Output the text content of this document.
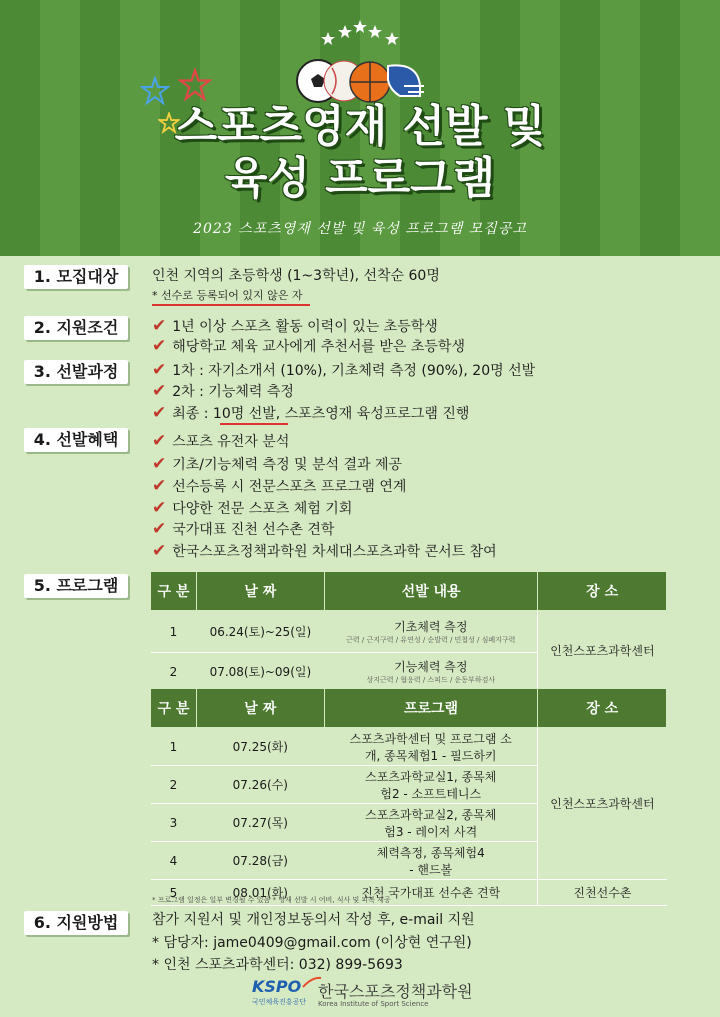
스포츠영재 선발 및
육성 프로그램
2023 스포츠영재 선발 및 육성 프로그램 모집공고
1. 모집대상	인천 지역의 초등학생 (1~3학년), 선착순 60명
* 선수로 등록되어 있지 않은 자
2. 지원조건	✔ 1년 이상 스포츠 활동 이력이 있는 초등학생
✔ 해당학교 체육 교사에게 추천서를 받은 초등학생
3. 선발과정	✔ 1차 : 자기소개서 (10%), 기초체력 측정 (90%), 20명 선발
✔ 2차 : 기능체력 측정
✔ 최종 : 10명 선발, 스포츠영재 육성프로그램 진행
4. 선발혜택	✔ 스포츠 유전자 분석
✔ 기초/기능체력 측정 및 분석 결과 제공
✔ 선수등록 시 전문스포츠 프로그램 연계
✔ 다양한 전문 스포츠 체험 기회
✔ 국가대표 진천 선수촌 견학
✔ 한국스포츠정책과학원 차세대스포츠과학 콘서트 참여
5. 프로그램	구 분	날 짜	선발 내용	장 소
1	06.24(토)~25(일)	기초체력 측정
근력 / 근지구력 / 유연성 / 순발력 / 민첩성 / 심폐지구력	인천스포츠과학센터
2	07.08(토)~09(일)	기능체력 측정
상지근력 / 협응력 / 스피드 / 운동부하검사	
구 분	날 짜	프로그램	장 소
1	07.25(화)	스포츠과학센터 및 프로그램 소개, 종목체험1 - 필드하키	인천스포츠과학센터
2	07.26(수)	스포츠과학교실1, 종목체험2 - 소프트테니스	
3	07.27(목)	스포츠과학교실2, 종목체험3 - 레이저 사격	
4	07.28(금)	체력측정, 종목체험4 - 핸드볼	
5	08.01(화)	진천 국가대표 선수촌 견학	진천선수촌
* 프로그램 일정은 일부 변경될 수 있음 * 영재 선발 시 어비, 식사 및 피복 제공
6. 지원방법	참가 지원서 및 개인정보동의서 작성 후, e-mail 지원
* 담당자: jame0409@gmail.com (이상현 연구원)
* 인천 스포츠과학센터: 032) 899-5693
KSPO
국민체육진흥공단
한국스포츠정책과학원
Korea Institute of Sport Science
